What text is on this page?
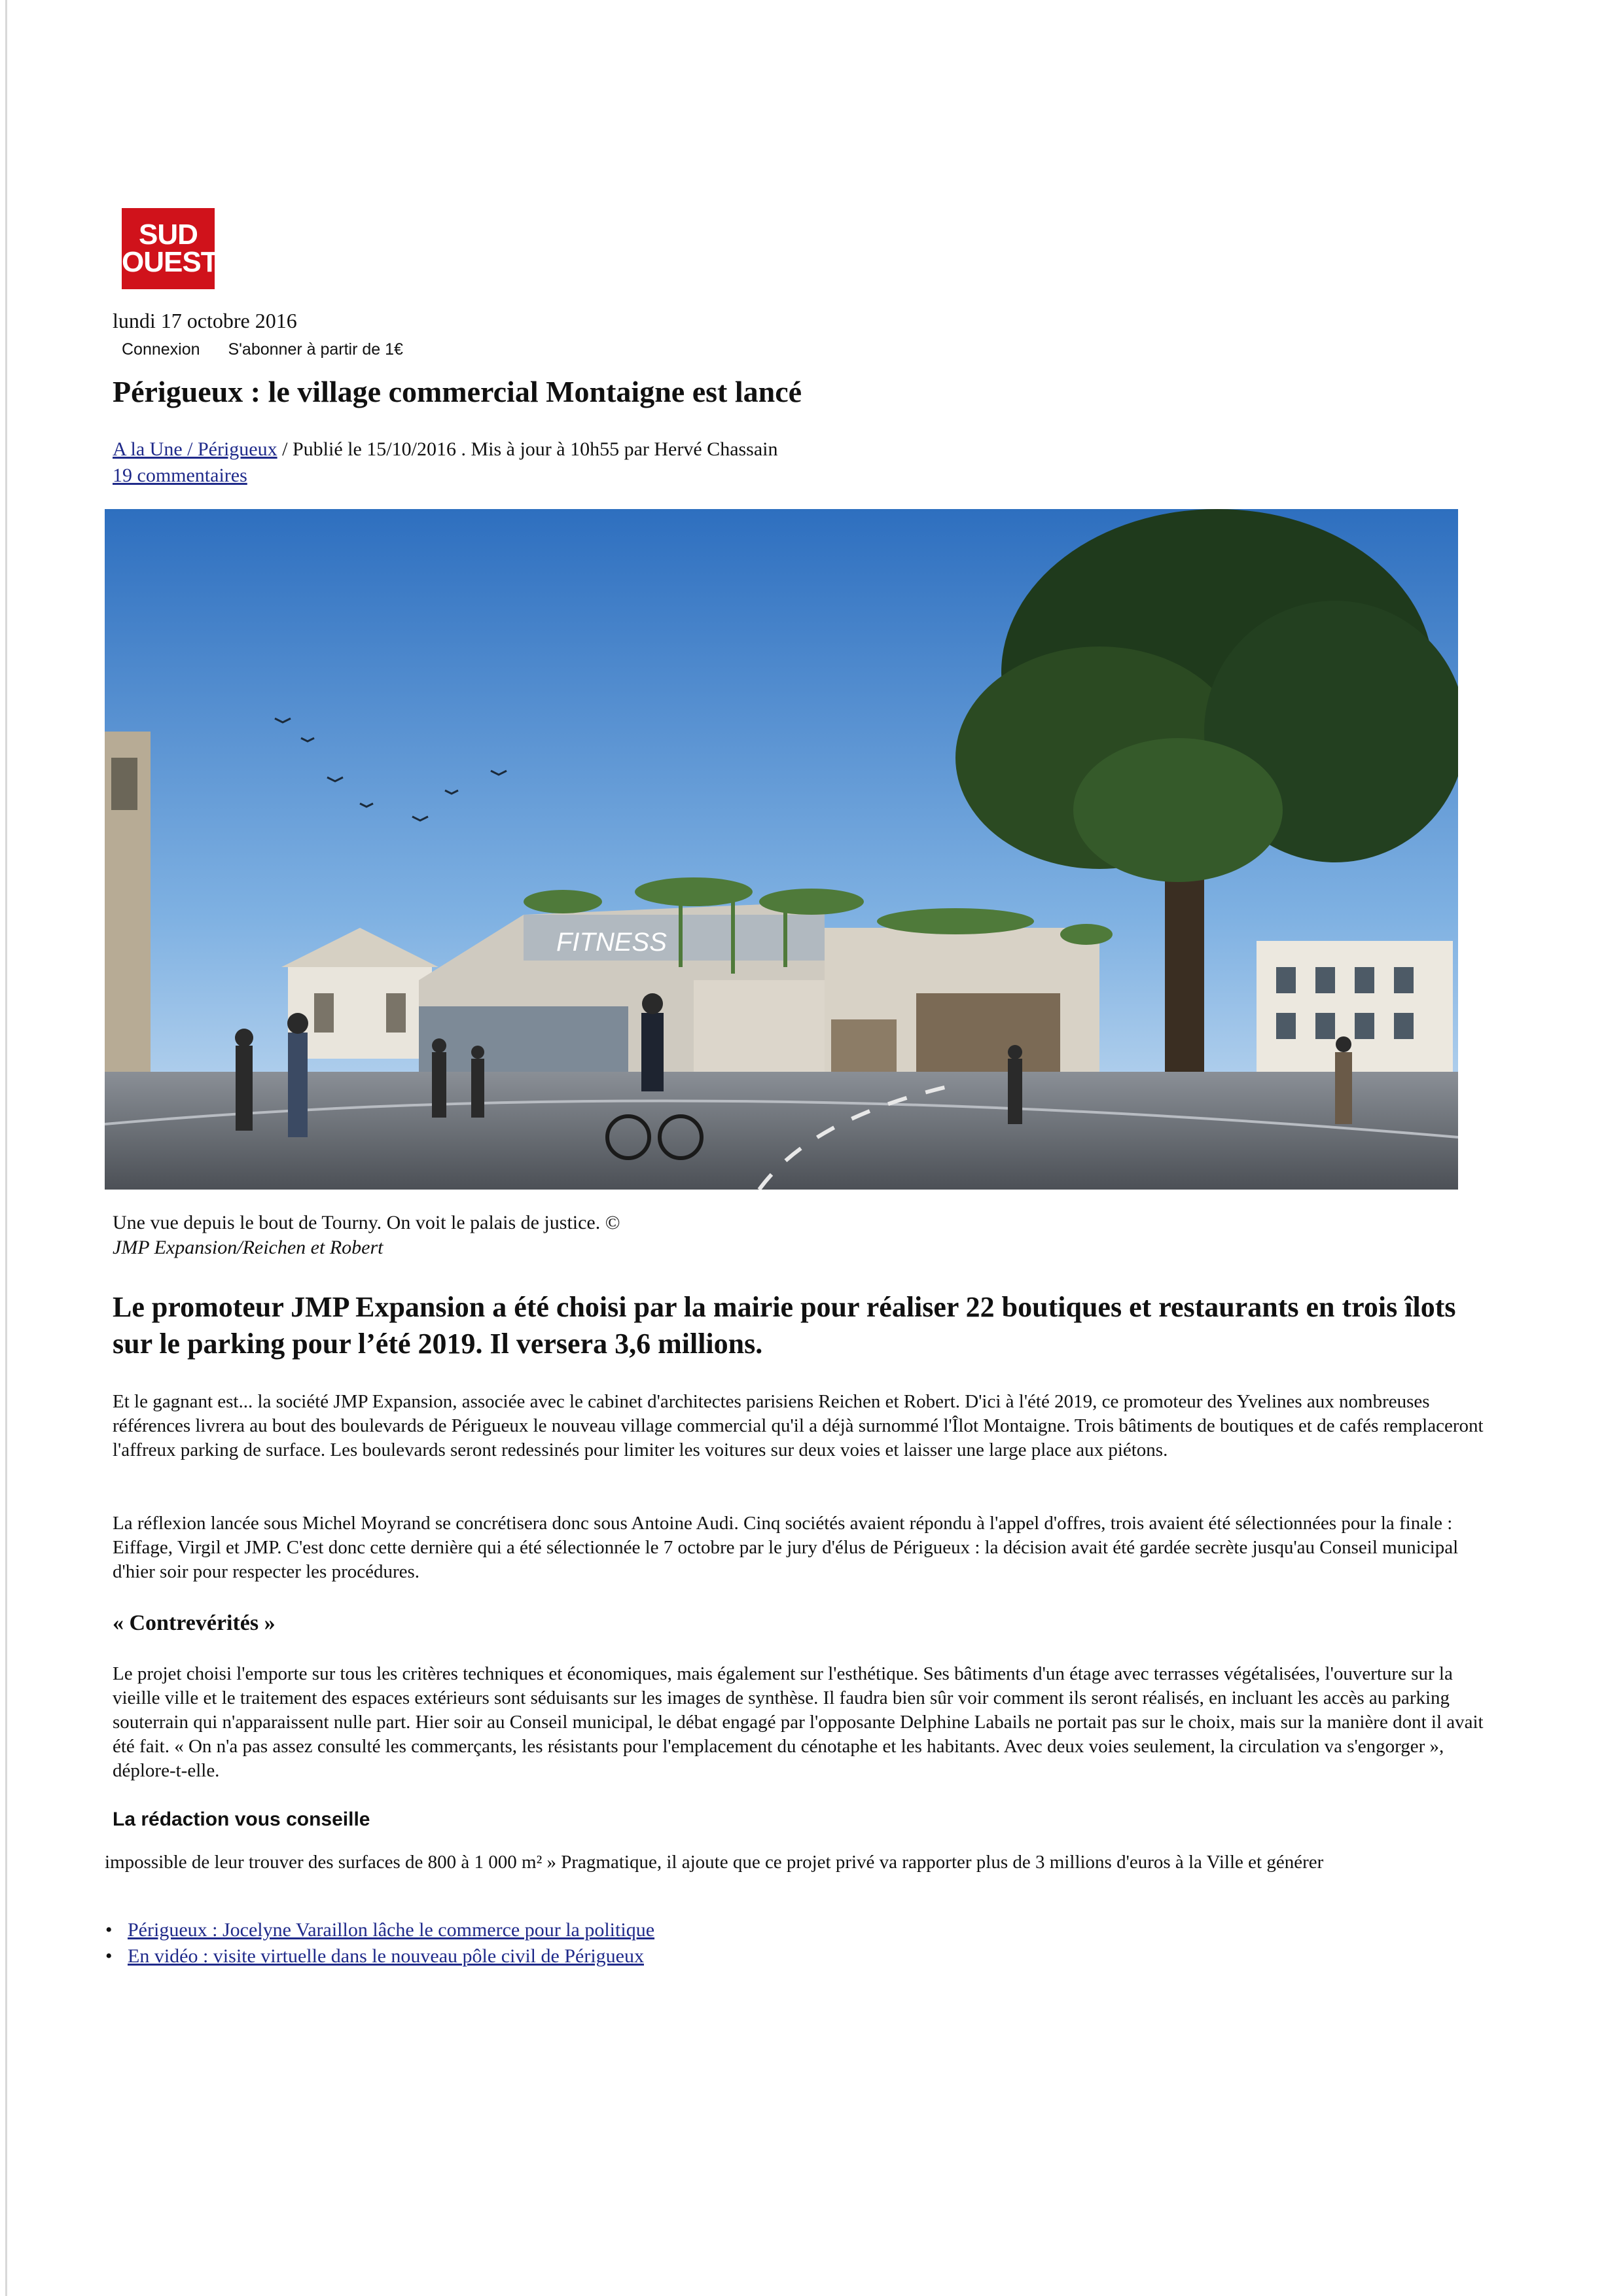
SUD
OUEST
lundi 17 octobre 2016
Connexion S'abonner à partir de 1€
Périgueux : le village commercial Montaigne est lancé
A la Une / Périgueux / Publié le 15/10/2016 . Mis à jour à 10h55 par Hervé Chassain
19 commentaires
FITNESS
Une vue depuis le bout de Tourny. On voit le palais de justice. ©
JMP Expansion/Reichen et Robert

Le promoteur JMP Expansion a été choisi par la mairie pour réaliser 22 boutiques et restaurants en trois îlots sur le parking pour l’été 2019. Il versera 3,6 millions.

Et le gagnant est... la société JMP Expansion, associée avec le cabinet d'architectes parisiens Reichen et Robert. D'ici à l'été 2019, ce promoteur des Yvelines aux nombreuses références livrera au bout des boulevards de Périgueux le nouveau village commercial qu'il a déjà surnommé l'Îlot Montaigne. Trois bâtiments de boutiques et de cafés remplaceront l'affreux parking de surface. Les boulevards seront redessinés pour limiter les voitures sur deux voies et laisser une large place aux piétons.

La réflexion lancée sous Michel Moyrand se concrétisera donc sous Antoine Audi. Cinq sociétés avaient répondu à l'appel d'offres, trois avaient été sélectionnées pour la finale : Eiffage, Virgil et JMP. C'est donc cette dernière qui a été sélectionnée le 7 octobre par le jury d'élus de Périgueux : la décision avait été gardée secrète jusqu'au Conseil municipal d'hier soir pour respecter les procédures.

« Contrevérités »

Le projet choisi l'emporte sur tous les critères techniques et économiques, mais également sur l'esthétique. Ses bâtiments d'un étage avec terrasses végétalisées, l'ouverture sur la vieille ville et le traitement des espaces extérieurs sont séduisants sur les images de synthèse. Il faudra bien sûr voir comment ils seront réalisés, en incluant les accès au parking souterrain qui n'apparaissent nulle part. Hier soir au Conseil municipal, le débat engagé par l'opposante Delphine Labails ne portait pas sur le choix, mais sur la manière dont il avait été fait. « On n'a pas assez consulté les commerçants, les résistants pour l'emplacement du cénotaphe et les habitants. Avec deux voies seulement, la circulation va s'engorger », déplore-t-elle.

La rédaction vous conseille
impossible de leur trouver des surfaces de 800 à 1 000 m² » Pragmatique, il ajoute que ce projet privé va rapporter plus de 3 millions d'euros à la Ville et générer
• Périgueux : Jocelyne Varaillon lâche le commerce pour la politique
• En vidéo : visite virtuelle dans le nouveau pôle civil de Périgueux
